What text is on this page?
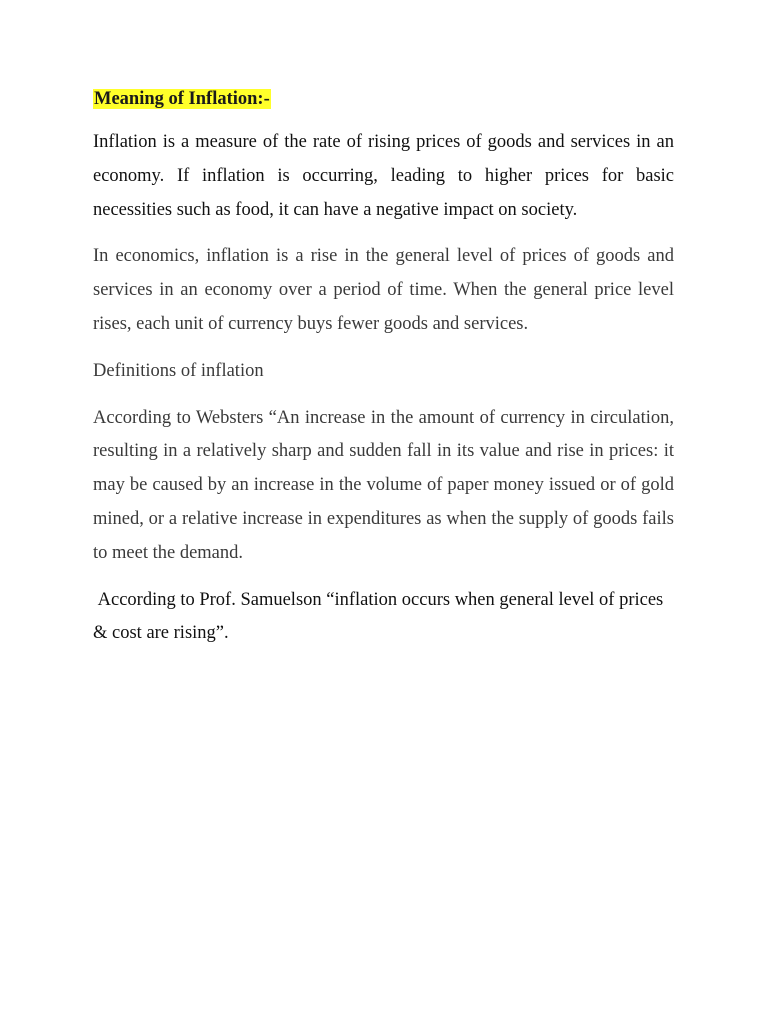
Meaning of Inflation:-

Inflation is a measure of the rate of rising prices of goods and services in an economy. If inflation is occurring, leading to higher prices for basic necessities such as food, it can have a negative impact on society.

In economics, inflation is a rise in the general level of prices of goods and services in an economy over a period of time. When the general price level rises, each unit of currency buys fewer goods and services.

Definitions of inflation

According to Websters “An increase in the amount of currency in circulation, resulting in a relatively sharp and sudden fall in its value and rise in prices: it may be caused by an increase in the volume of paper money issued or of gold mined, or a relative increase in expenditures as when the supply of goods fails to meet the demand.

According to Prof. Samuelson “inflation occurs when general level of prices & cost are rising”.
